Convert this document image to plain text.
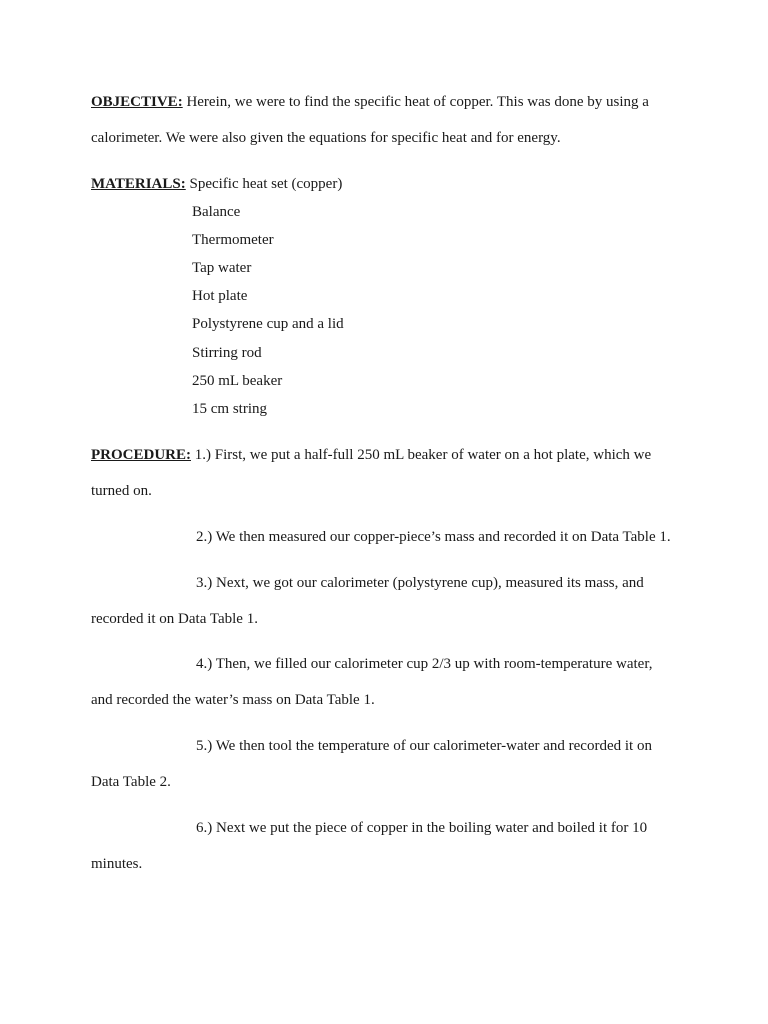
OBJECTIVE: Herein, we were to find the specific heat of copper. This was done by using a
calorimeter. We were also given the equations for specific heat and for energy.
MATERIALS: Specific heat set (copper)
Balance
Thermometer
Tap water
Hot plate
Polystyrene cup and a lid
Stirring rod
250 mL beaker
15 cm string
PROCEDURE: 1.) First, we put a half-full 250 mL beaker of water on a hot plate, which we
turned on.
2.) We then measured our copper-piece’s mass and recorded it on Data Table 1.
3.) Next, we got our calorimeter (polystyrene cup), measured its mass, and
recorded it on Data Table 1.
4.) Then, we filled our calorimeter cup 2/3 up with room-temperature water,
and recorded the water’s mass on Data Table 1.
5.) We then tool the temperature of our calorimeter-water and recorded it on
Data Table 2.
6.) Next we put the piece of copper in the boiling water and boiled it for 10
minutes.
